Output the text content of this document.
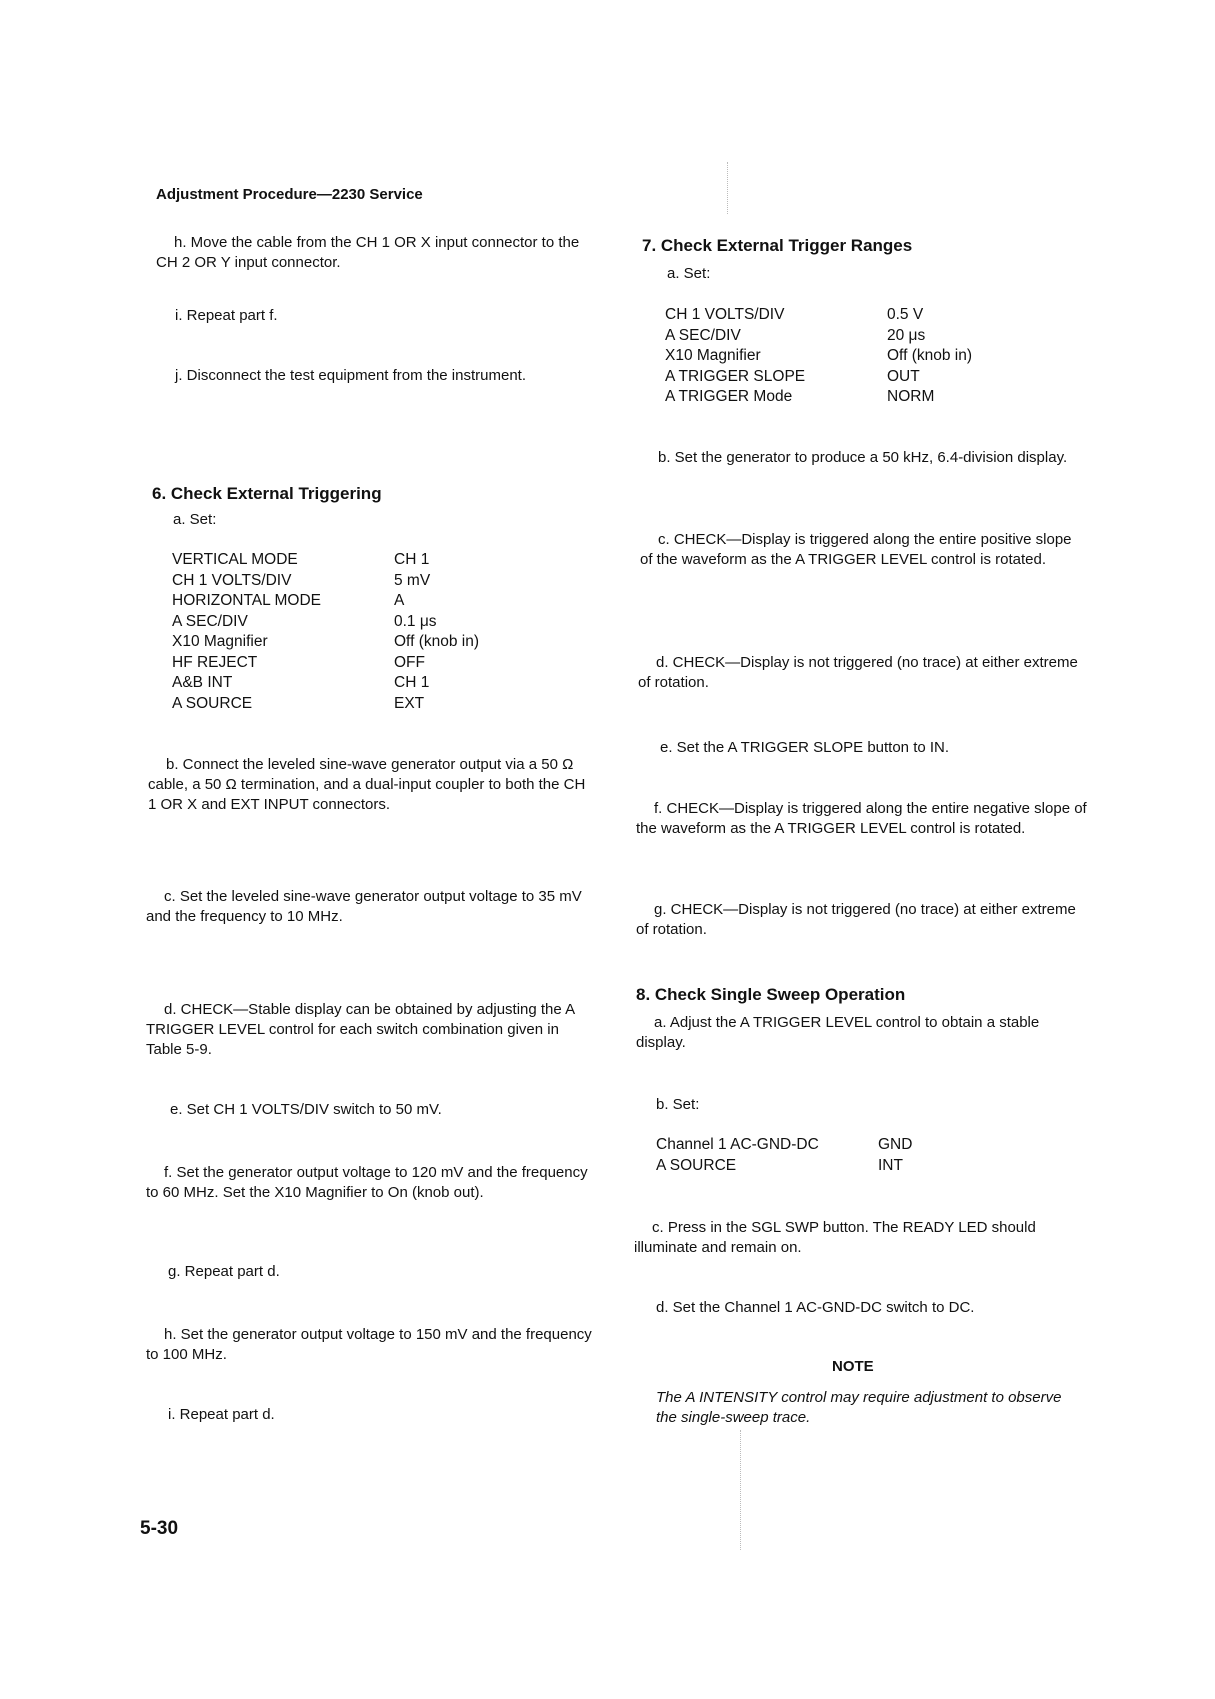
Adjustment Procedure—2230 Service
h. Move the cable from the CH 1 OR X input connector to the CH 2 OR Y input connector.
i. Repeat part f.
j. Disconnect the test equipment from the instrument.
6. Check External Triggering
a. Set:
VERTICAL MODE	CH 1
CH 1 VOLTS/DIV	5 mV
HORIZONTAL MODE	A
A SEC/DIV	0.1 μs
X10 Magnifier	Off (knob in)
HF REJECT	OFF
A&B INT	CH 1
A SOURCE	EXT
b. Connect the leveled sine-wave generator output via a 50 Ω cable, a 50 Ω termination, and a dual-input coupler to both the CH 1 OR X and EXT INPUT connectors.
c. Set the leveled sine-wave generator output voltage to 35 mV and the frequency to 10 MHz.
d. CHECK—Stable display can be obtained by adjusting the A TRIGGER LEVEL control for each switch combination given in Table 5-9.
e. Set CH 1 VOLTS/DIV switch to 50 mV.
f. Set the generator output voltage to 120 mV and the frequency to 60 MHz. Set the X10 Magnifier to On (knob out).
g. Repeat part d.
h. Set the generator output voltage to 150 mV and the frequency to 100 MHz.
i. Repeat part d.
5-30
7. Check External Trigger Ranges
a. Set:
CH 1 VOLTS/DIV	0.5 V
A SEC/DIV	20 μs
X10 Magnifier	Off (knob in)
A TRIGGER SLOPE	OUT
A TRIGGER Mode	NORM
b. Set the generator to produce a 50 kHz, 6.4-division display.
c. CHECK—Display is triggered along the entire positive slope of the waveform as the A TRIGGER LEVEL control is rotated.
d. CHECK—Display is not triggered (no trace) at either extreme of rotation.
e. Set the A TRIGGER SLOPE button to IN.
f. CHECK—Display is triggered along the entire negative slope of the waveform as the A TRIGGER LEVEL control is rotated.
g. CHECK—Display is not triggered (no trace) at either extreme of rotation.
8. Check Single Sweep Operation
a. Adjust the A TRIGGER LEVEL control to obtain a stable display.
b. Set:
Channel 1 AC-GND-DC	GND
A SOURCE	INT
c. Press in the SGL SWP button. The READY LED should illuminate and remain on.
d. Set the Channel 1 AC-GND-DC switch to DC.
NOTE
The A INTENSITY control may require adjustment to observe the single-sweep trace.
